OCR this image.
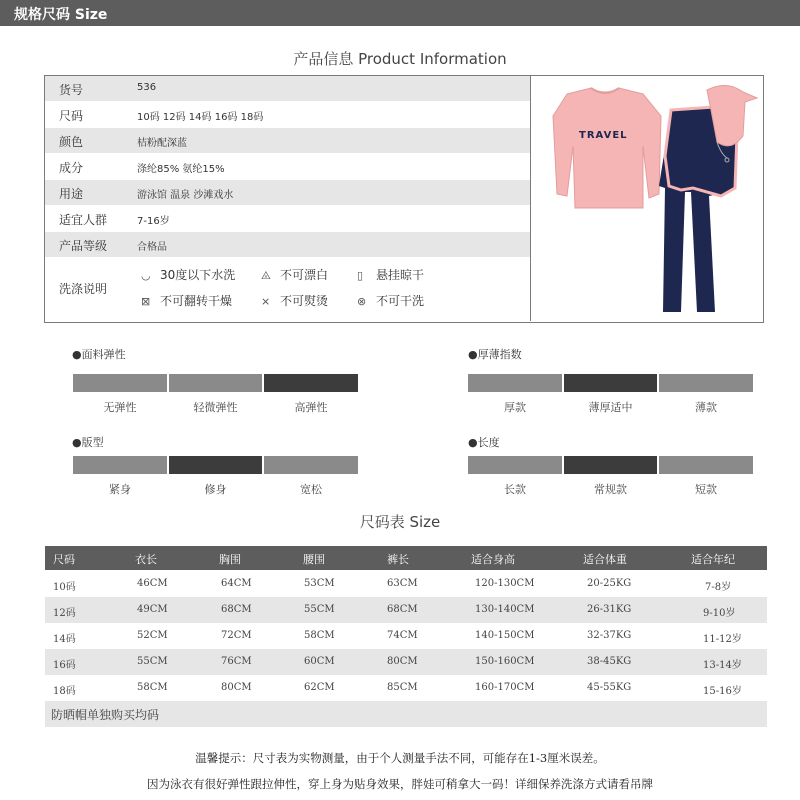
规格尺码 Size
产品信息 Product Information
货号	536
尺码	10码 12码 14码 16码 18码
颜色	桔粉配深蓝
成分	涤纶85% 氨纶15%
用途	游泳馆 温泉 沙滩戏水
适宜人群	7-16岁
产品等级	合格品
洗涤说明
◡ 30度以下水洗 ⨻ 不可漂白	▯ 悬挂晾干
⊠ 不可翻转干燥	⨯ 不可熨烫	⊗ 不可干洗
TRAVEL
●面料弹性
无弹性	轻微弹性	高弹性
●厚薄指数
厚款	薄厚适中	薄款
●版型
紧身	修身	宽松
●长度
长款	常规款	短款
尺码表 Size
尺码	衣长	胸围	腰围	裤长	适合身高	适合体重	适合年纪
10码	46CM	64CM	53CM	63CM	120-130CM	20-25KG	7-8岁
12码	49CM	68CM	55CM	68CM	130-140CM	26-31KG	9-10岁
14码	52CM	72CM	58CM	74CM	140-150CM	32-37KG	11-12岁
16码	55CM	76CM	60CM	80CM	150-160CM	38-45KG	13-14岁
18码	58CM	80CM	62CM	85CM	160-170CM	45-55KG	15-16岁
防晒帽单独购买均码
温馨提示：尺寸表为实物测量，由于个人测量手法不同，可能存在1-3厘米误差。
因为泳衣有很好弹性跟拉伸性，穿上身为贴身效果，胖娃可稍拿大一码！详细保养洗涤方式请看吊牌
